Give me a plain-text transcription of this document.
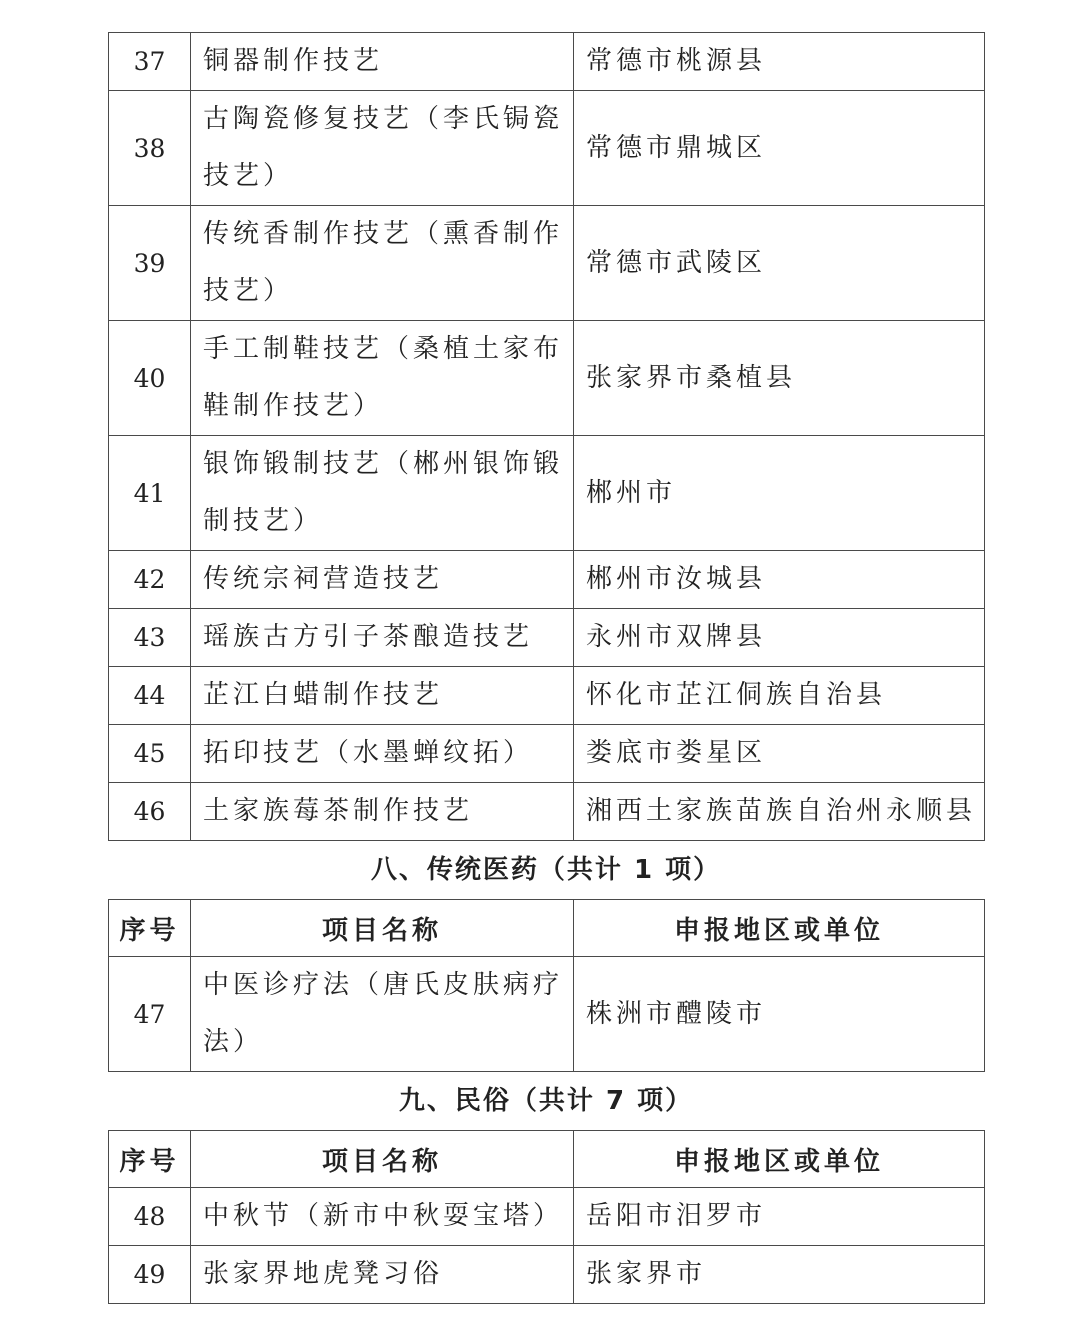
37	铜器制作技艺	常德市桃源县
38	古陶瓷修复技艺（李氏锔瓷技艺）	常德市鼎城区
39	传统香制作技艺（熏香制作技艺）	常德市武陵区
40	手工制鞋技艺（桑植土家布鞋制作技艺）	张家界市桑植县
41	银饰锻制技艺（郴州银饰锻制技艺）	郴州市
42	传统宗祠营造技艺	郴州市汝城县
43	瑶族古方引子茶酿造技艺	永州市双牌县
44	芷江白蜡制作技艺	怀化市芷江侗族自治县
45	拓印技艺（水墨蝉纹拓）	娄底市娄星区
46	土家族莓茶制作技艺	湘西土家族苗族自治州永顺县
八、传统医药（共计 1 项）
序号	项目名称	申报地区或单位
47	中医诊疗法（唐氏皮肤病疗法）	株洲市醴陵市
九、民俗（共计 7 项）
序号	项目名称	申报地区或单位
48	中秋节（新市中秋耍宝塔）	岳阳市汨罗市
49	张家界地虎凳习俗	张家界市
